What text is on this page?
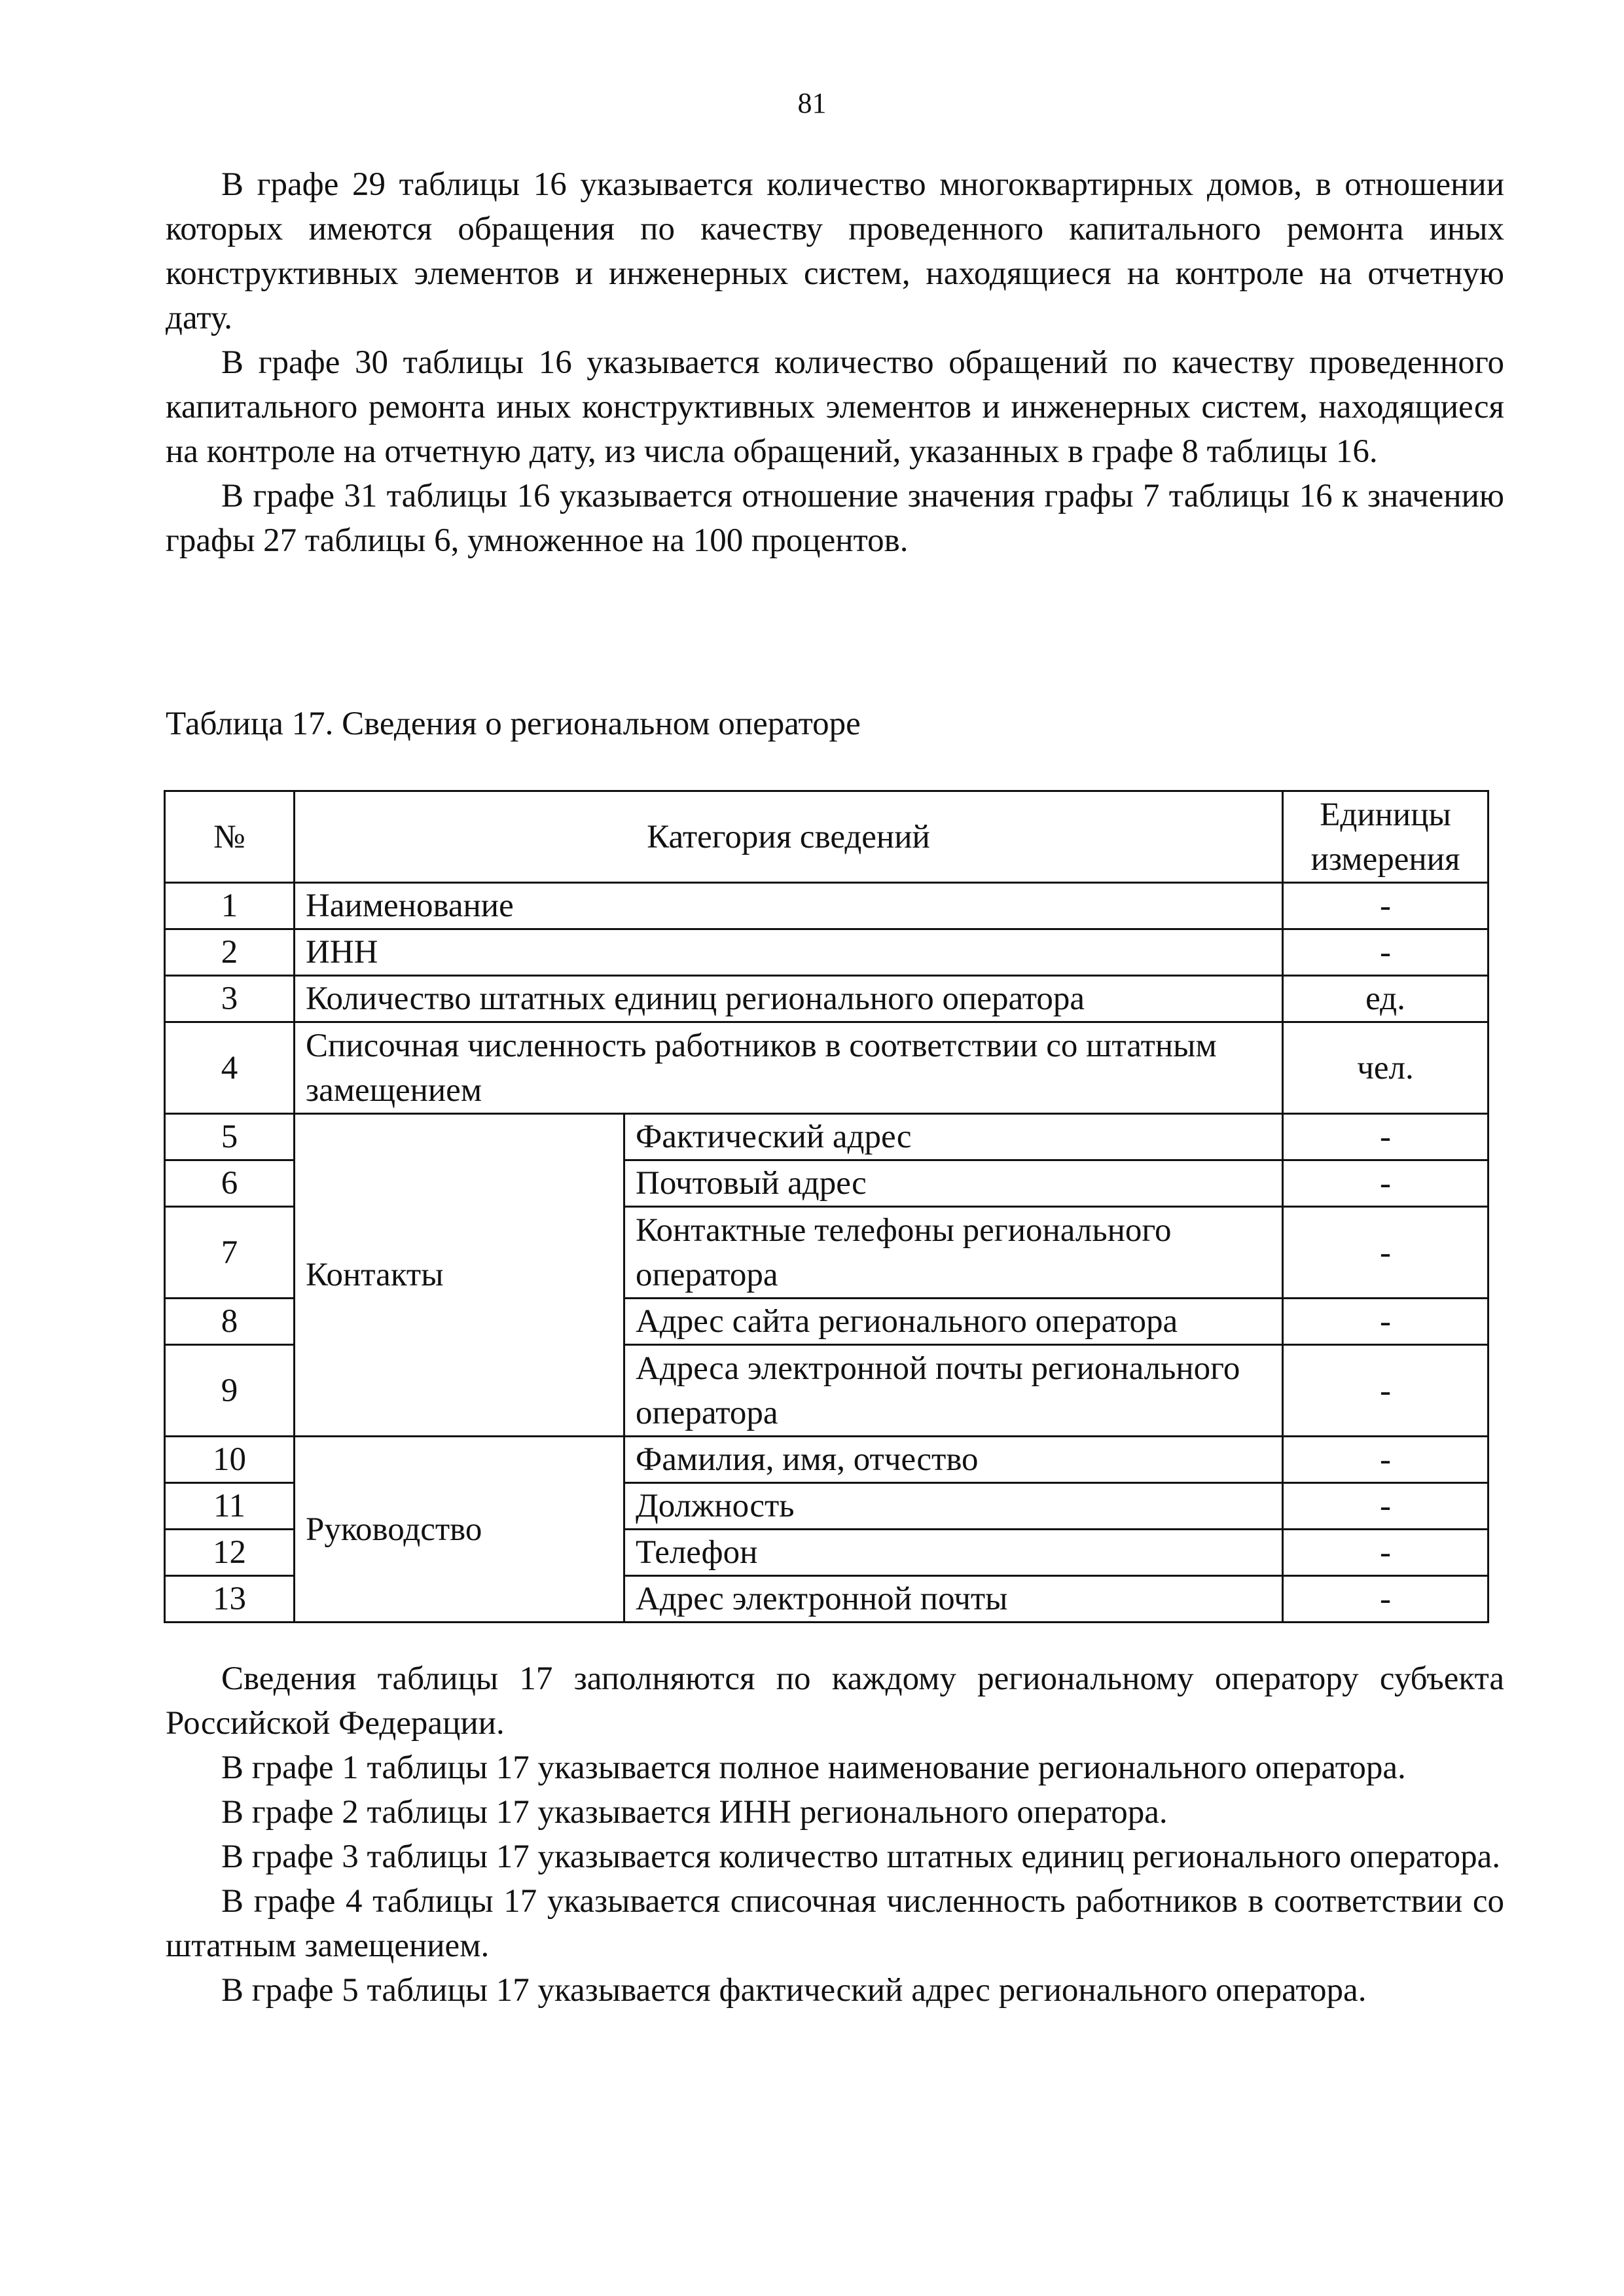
81

В графе 29 таблицы 16 указывается количество многоквартирных домов, в отношении которых имеются обращения по качеству проведенного капитального ремонта иных конструктивных элементов и инженерных систем, находящиеся на контроле на отчетную дату.

В графе 30 таблицы 16 указывается количество обращений по качеству проведенного капитального ремонта иных конструктивных элементов и инженерных систем, находящиеся на контроле на отчетную дату, из числа обращений, указанных в графе 8 таблицы 16.

В графе 31 таблицы 16 указывается отношение значения графы 7 таблицы 16 к значению графы 27 таблицы 6, умноженное на 100 процентов.

Таблица 17. Сведения о региональном операторе
№	Категория сведений		Единицы измерения
1	Наименование		-
2	ИНН		-
3	Количество штатных единиц регионального оператора		ед.
4	Списочная численность работников в соответствии со штатным замещением		чел.
5	Контакты	Фактический адрес	-
6		Почтовый адрес	-
7		Контактные телефоны регионального оператора	-
8		Адрес сайта регионального оператора	-
9		Адреса электронной почты регионального оператора	-
10	Руководство	Фамилия, имя, отчество	-
11		Должность	-
12		Телефон	-
13		Адрес электронной почты	-

Сведения таблицы 17 заполняются по каждому региональному оператору субъекта Российской Федерации.

В графе 1 таблицы 17 указывается полное наименование регионального оператора.

В графе 2 таблицы 17 указывается ИНН регионального оператора.

В графе 3 таблицы 17 указывается количество штатных единиц регионального оператора.

В графе 4 таблицы 17 указывается списочная численность работников в соответствии со штатным замещением.

В графе 5 таблицы 17 указывается фактический адрес регионального оператора.
